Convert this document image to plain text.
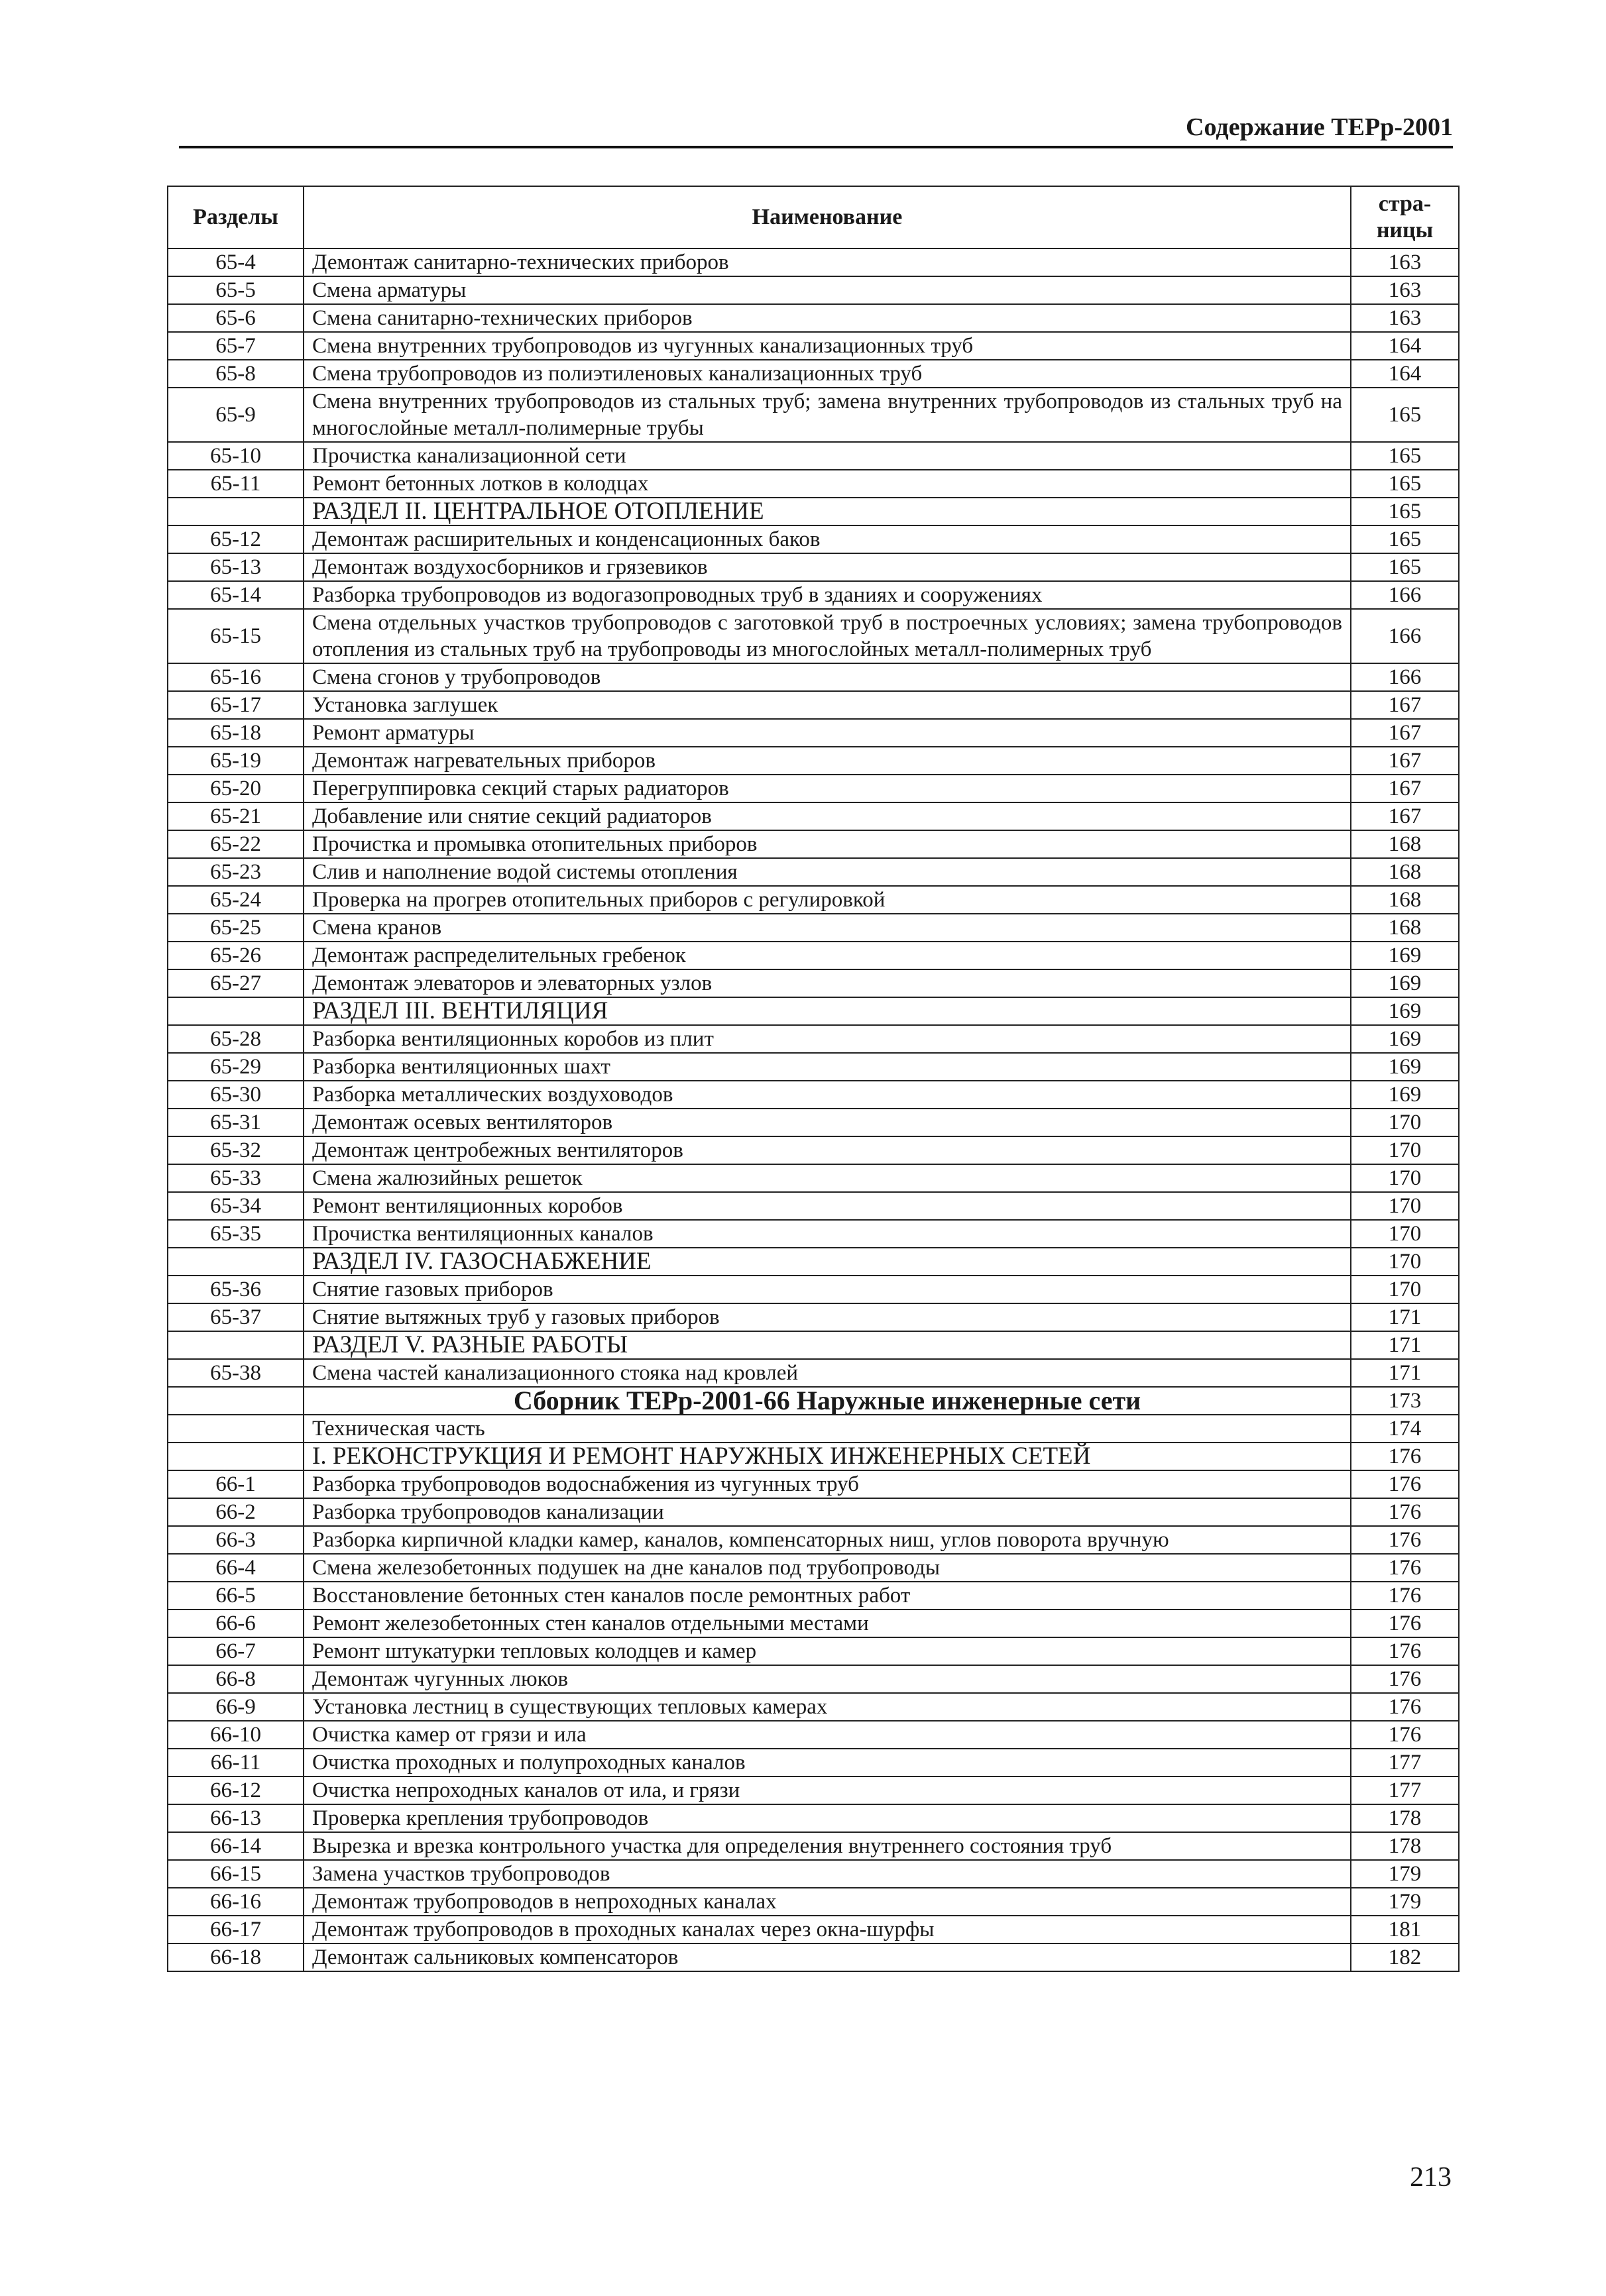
Содержание ТЕРр-2001
Разделы	Наименование	стра-
ницы
65-4	Демонтаж санитарно-технических приборов	163
65-5	Смена арматуры	163
65-6	Смена санитарно-технических приборов	163
65-7	Смена внутренних трубопроводов из чугунных канализационных труб	164
65-8	Смена трубопроводов из полиэтиленовых канализационных труб	164
65-9	Смена внутренних трубопроводов из стальных труб; замена внутренних трубопроводов из стальных труб на многослойные металл-полимерные трубы	165
65-10	Прочистка канализационной сети	165
65-11	Ремонт бетонных лотков в колодцах	165
	РАЗДЕЛ II. ЦЕНТРАЛЬНОЕ ОТОПЛЕНИЕ	165
65-12	Демонтаж расширительных и конденсационных баков	165
65-13	Демонтаж воздухосборников и грязевиков	165
65-14	Разборка трубопроводов из водогазопроводных труб в зданиях и сооружениях	166
65-15	Смена отдельных участков трубопроводов с заготовкой труб в построечных условиях; замена трубопроводов отопления из стальных труб на трубопроводы из многослойных металл-полимерных труб	166
65-16	Смена сгонов у трубопроводов	166
65-17	Установка заглушек	167
65-18	Ремонт арматуры	167
65-19	Демонтаж нагревательных приборов	167
65-20	Перегруппировка секций старых радиаторов	167
65-21	Добавление или снятие секций радиаторов	167
65-22	Прочистка и промывка отопительных приборов	168
65-23	Слив и наполнение водой системы отопления	168
65-24	Проверка на прогрев отопительных приборов с регулировкой	168
65-25	Смена кранов	168
65-26	Демонтаж распределительных гребенок	169
65-27	Демонтаж элеваторов и элеваторных узлов	169
	РАЗДЕЛ III. ВЕНТИЛЯЦИЯ	169
65-28	Разборка вентиляционных коробов из плит	169
65-29	Разборка вентиляционных шахт	169
65-30	Разборка металлических воздуховодов	169
65-31	Демонтаж осевых вентиляторов	170
65-32	Демонтаж центробежных вентиляторов	170
65-33	Смена жалюзийных решеток	170
65-34	Ремонт вентиляционных коробов	170
65-35	Прочистка вентиляционных каналов	170
	РАЗДЕЛ IV. ГАЗОСНАБЖЕНИЕ	170
65-36	Снятие газовых приборов	170
65-37	Снятие вытяжных труб у газовых приборов	171
	РАЗДЕЛ V. РАЗНЫЕ РАБОТЫ	171
65-38	Смена частей канализационного стояка над кровлей	171
	Сборник ТЕРр-2001-66 Наружные инженерные сети	173
	Техническая часть	174
	I. РЕКОНСТРУКЦИЯ И РЕМОНТ НАРУЖНЫХ ИНЖЕНЕРНЫХ СЕТЕЙ	176
66-1	Разборка трубопроводов водоснабжения из чугунных труб	176
66-2	Разборка трубопроводов канализации	176
66-3	Разборка кирпичной кладки камер, каналов, компенсаторных ниш, углов поворота вручную	176
66-4	Смена железобетонных подушек на дне каналов под трубопроводы	176
66-5	Восстановление бетонных стен каналов после ремонтных работ	176
66-6	Ремонт железобетонных стен каналов отдельными местами	176
66-7	Ремонт штукатурки тепловых колодцев и камер	176
66-8	Демонтаж чугунных люков	176
66-9	Установка лестниц в существующих тепловых камерах	176
66-10	Очистка камер от грязи и ила	176
66-11	Очистка проходных и полупроходных каналов	177
66-12	Очистка непроходных каналов от ила, и грязи	177
66-13	Проверка крепления трубопроводов	178
66-14	Вырезка и врезка контрольного участка для определения внутреннего состояния труб	178
66-15	Замена участков трубопроводов	179
66-16	Демонтаж трубопроводов в непроходных каналах	179
66-17	Демонтаж трубопроводов в проходных каналах через окна-шурфы	181
66-18	Демонтаж сальниковых компенсаторов	182
213
